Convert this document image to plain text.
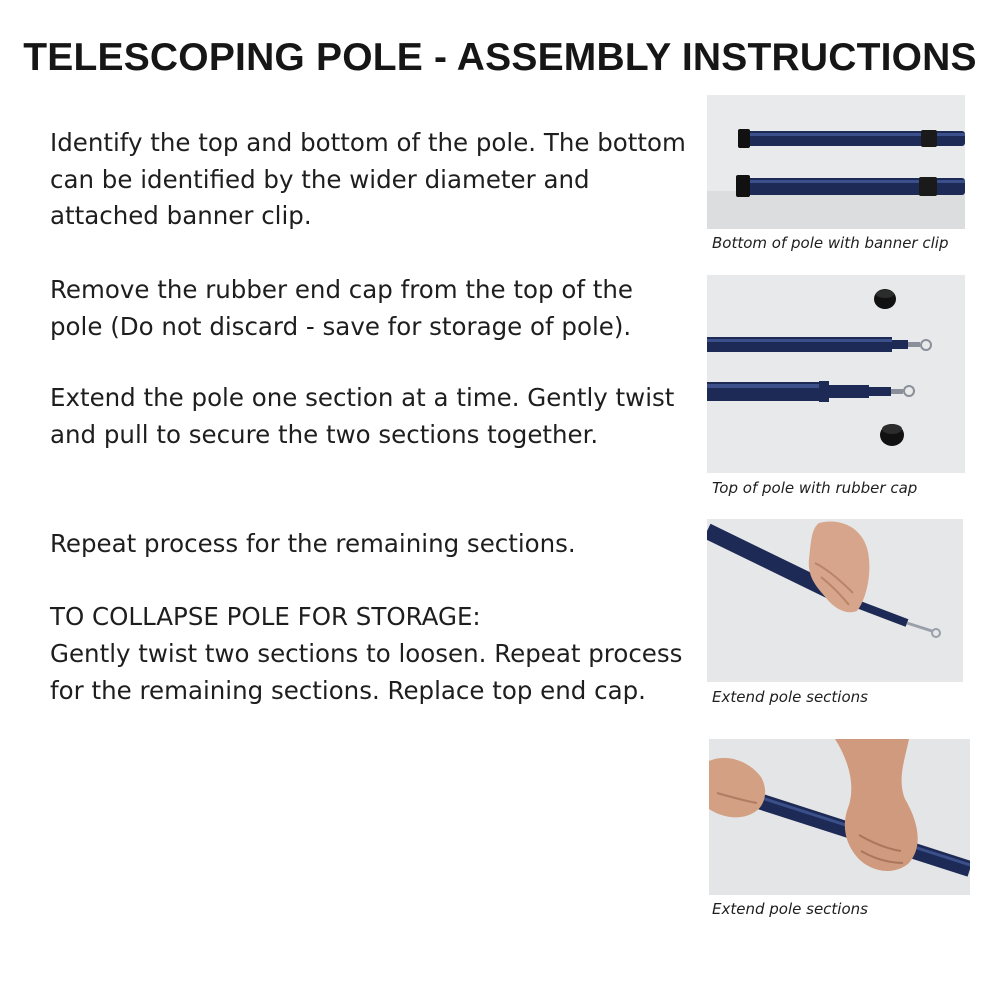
TELESCOPING POLE - ASSEMBLY INSTRUCTIONS

Identify the top and bottom of the pole. The bottom can be identified by the wider diameter and attached banner clip.

Remove the rubber end cap from the top of the pole (Do not discard - save for storage of pole).

Extend the pole one section at a time. Gently twist and pull to secure the two sections together.

Repeat process for the remaining sections.

TO COLLAPSE POLE FOR STORAGE:

Gently twist two sections to loosen. Repeat process for the remaining sections. Replace top end cap.

Bottom of pole with banner clip

Top of pole with rubber cap

Extend pole sections

Extend pole sections
